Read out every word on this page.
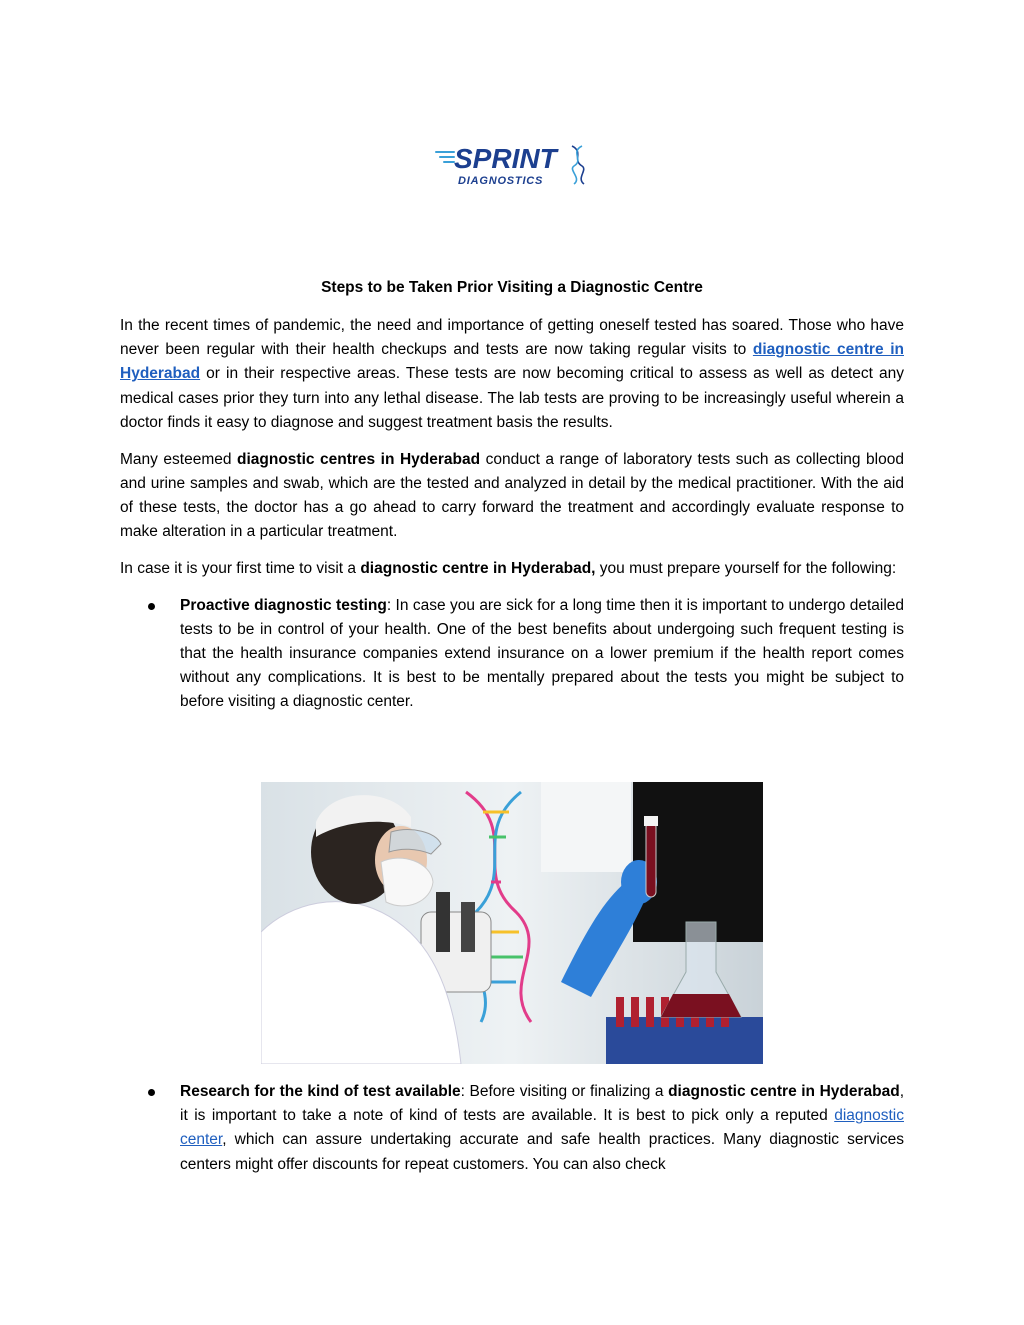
SPRINT
DIAGNOSTICS
Steps to be Taken Prior Visiting a Diagnostic Centre

In the recent times of pandemic, the need and importance of getting oneself tested has soared. Those who have never been regular with their health checkups and tests are now taking regular visits to diagnostic centre in Hyderabad or in their respective areas. These tests are now becoming critical to assess as well as detect any medical cases prior they turn into any lethal disease. The lab tests are proving to be increasingly useful wherein a doctor finds it easy to diagnose and suggest treatment basis the results.

Many esteemed diagnostic centres in Hyderabad conduct a range of laboratory tests such as collecting blood and urine samples and swab, which are the tested and analyzed in detail by the medical practitioner. With the aid of these tests, the doctor has a go ahead to carry forward the treatment and accordingly evaluate response to make alteration in a particular treatment.

In case it is your first time to visit a diagnostic centre in Hyderabad, you must prepare yourself for the following:

Proactive diagnostic testing: In case you are sick for a long time then it is important to undergo detailed tests to be in control of your health. One of the best benefits about undergoing such frequent testing is that the health insurance companies extend insurance on a lower premium if the health report comes without any complications. It is best to be mentally prepared about the tests you might be subject to before visiting a diagnostic center.
Research for the kind of test available: Before visiting or finalizing a diagnostic centre in Hyderabad, it is important to take a note of kind of tests are available. It is best to pick only a reputed diagnostic center, which can assure undertaking accurate and safe health practices. Many diagnostic services centers might offer discounts for repeat customers. You can also check
